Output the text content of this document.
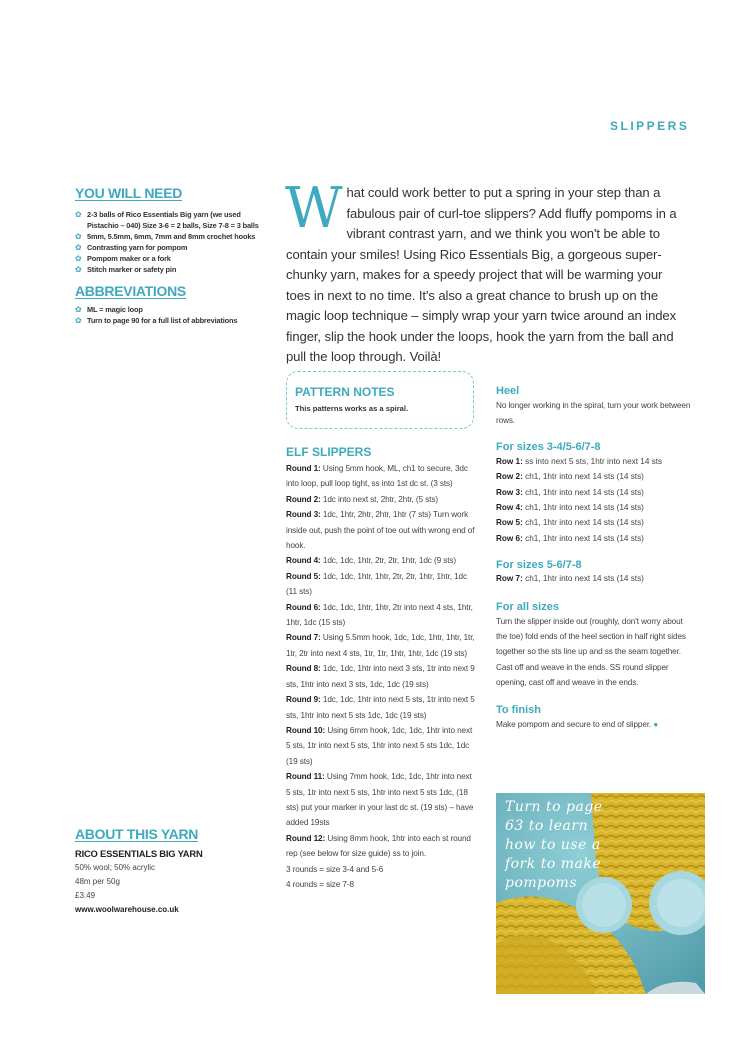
SLIPPERS
YOU WILL NEED
✿ 2-3 balls of Rico Essentials Big yarn (we used Pistachio – 040) Size 3-6 = 2 balls, Size 7-8 = 3 balls
✿ 5mm, 5.5mm, 6mm, 7mm and 8mm crochet hooks
✿ Contrasting yarn for pompom
✿ Pompom maker or a fork
✿ Stitch marker or safety pin
ABBREVIATIONS
✿ ML = magic loop
✿ Turn to page 90 for a full list of abbreviations
What could work better to put a spring in your step than a fabulous pair of curl-toe slippers? Add fluffy pompoms in a vibrant contrast yarn, and we think you won't be able to contain your smiles! Using Rico Essentials Big, a gorgeous super-chunky yarn, makes for a speedy project that will be warming your toes in next to no time. It's also a great chance to brush up on the magic loop technique – simply wrap your yarn twice around an index finger, slip the hook under the loops, hook the yarn from the ball and pull the loop through. Voilà!
PATTERN NOTES
This patterns works as a spiral.
ELF SLIPPERS
Round 1: Using 5mm hook, ML, ch1 to secure, 3dc into loop, pull loop tight, ss into 1st dc st. (3 sts)
Round 2: 1dc into next st, 2htr, 2htr, (5 sts)
Round 3: 1dc, 1htr, 2htr, 2htr, 1htr (7 sts) Turn work inside out, push the point of toe out with wrong end of hook.
Round 4: 1dc, 1dc, 1htr, 2tr, 2tr, 1htr, 1dc (9 sts)
Round 5: 1dc, 1dc, 1htr, 1htr, 2tr, 2tr, 1htr, 1htr, 1dc (11 sts)
Round 6: 1dc, 1dc, 1htr, 1htr, 2tr into next 4 sts, 1htr, 1htr, 1dc (15 sts)
Round 7: Using 5.5mm hook, 1dc, 1dc, 1htr, 1htr, 1tr, 1tr, 2tr into next 4 sts, 1tr, 1tr, 1htr, 1htr, 1dc (19 sts)
Round 8: 1dc, 1dc, 1htr into next 3 sts, 1tr into next 9 sts, 1htr into next 3 sts, 1dc, 1dc (19 sts)
Round 9: 1dc, 1dc, 1htr into next 5 sts, 1tr into next 5 sts, 1htr into next 5 sts 1dc, 1dc (19 sts)
Round 10: Using 6mm hook, 1dc, 1dc, 1htr into next 5 sts, 1tr into next 5 sts, 1htr into next 5 sts 1dc, 1dc (19 sts)
Round 11: Using 7mm hook, 1dc, 1dc, 1htr into next 5 sts, 1tr into next 5 sts, 1htr into next 5 sts 1dc, (18 sts) put your marker in your last dc st. (19 sts) – have added 19sts
Round 12: Using 8mm hook, 1htr into each st round rep (see below for size guide) ss to join.
3 rounds = size 3-4 and 5-6
4 rounds = size 7-8
Heel
No longer working in the spiral, turn your work between rows.
For sizes 3-4/5-6/7-8
Row 1: ss into next 5 sts, 1htr into next 14 sts
Row 2: ch1, 1htr into next 14 sts (14 sts)
Row 3: ch1, 1htr into next 14 sts (14 sts)
Row 4: ch1, 1htr into next 14 sts (14 sts)
Row 5: ch1, 1htr into next 14 sts (14 sts)
Row 6: ch1, 1htr into next 14 sts (14 sts)
For sizes 5-6/7-8
Row 7: ch1, 1htr into next 14 sts (14 sts)
For all sizes
Turn the slipper inside out (roughly, don't worry about the toe) fold ends of the heel section in half right sides together so the sts line up and ss the seam together. Cast off and weave in the ends. SS round slipper opening, cast off and weave in the ends.
To finish
Make pompom and secure to end of slipper. ●
ABOUT THIS YARN
RICO ESSENTIALS BIG YARN
50% wool; 50% acrylic
48m per 50g
£3.49
www.woolwarehouse.co.uk
Turn to page
63 to learn
how to use a
fork to make
pompoms
